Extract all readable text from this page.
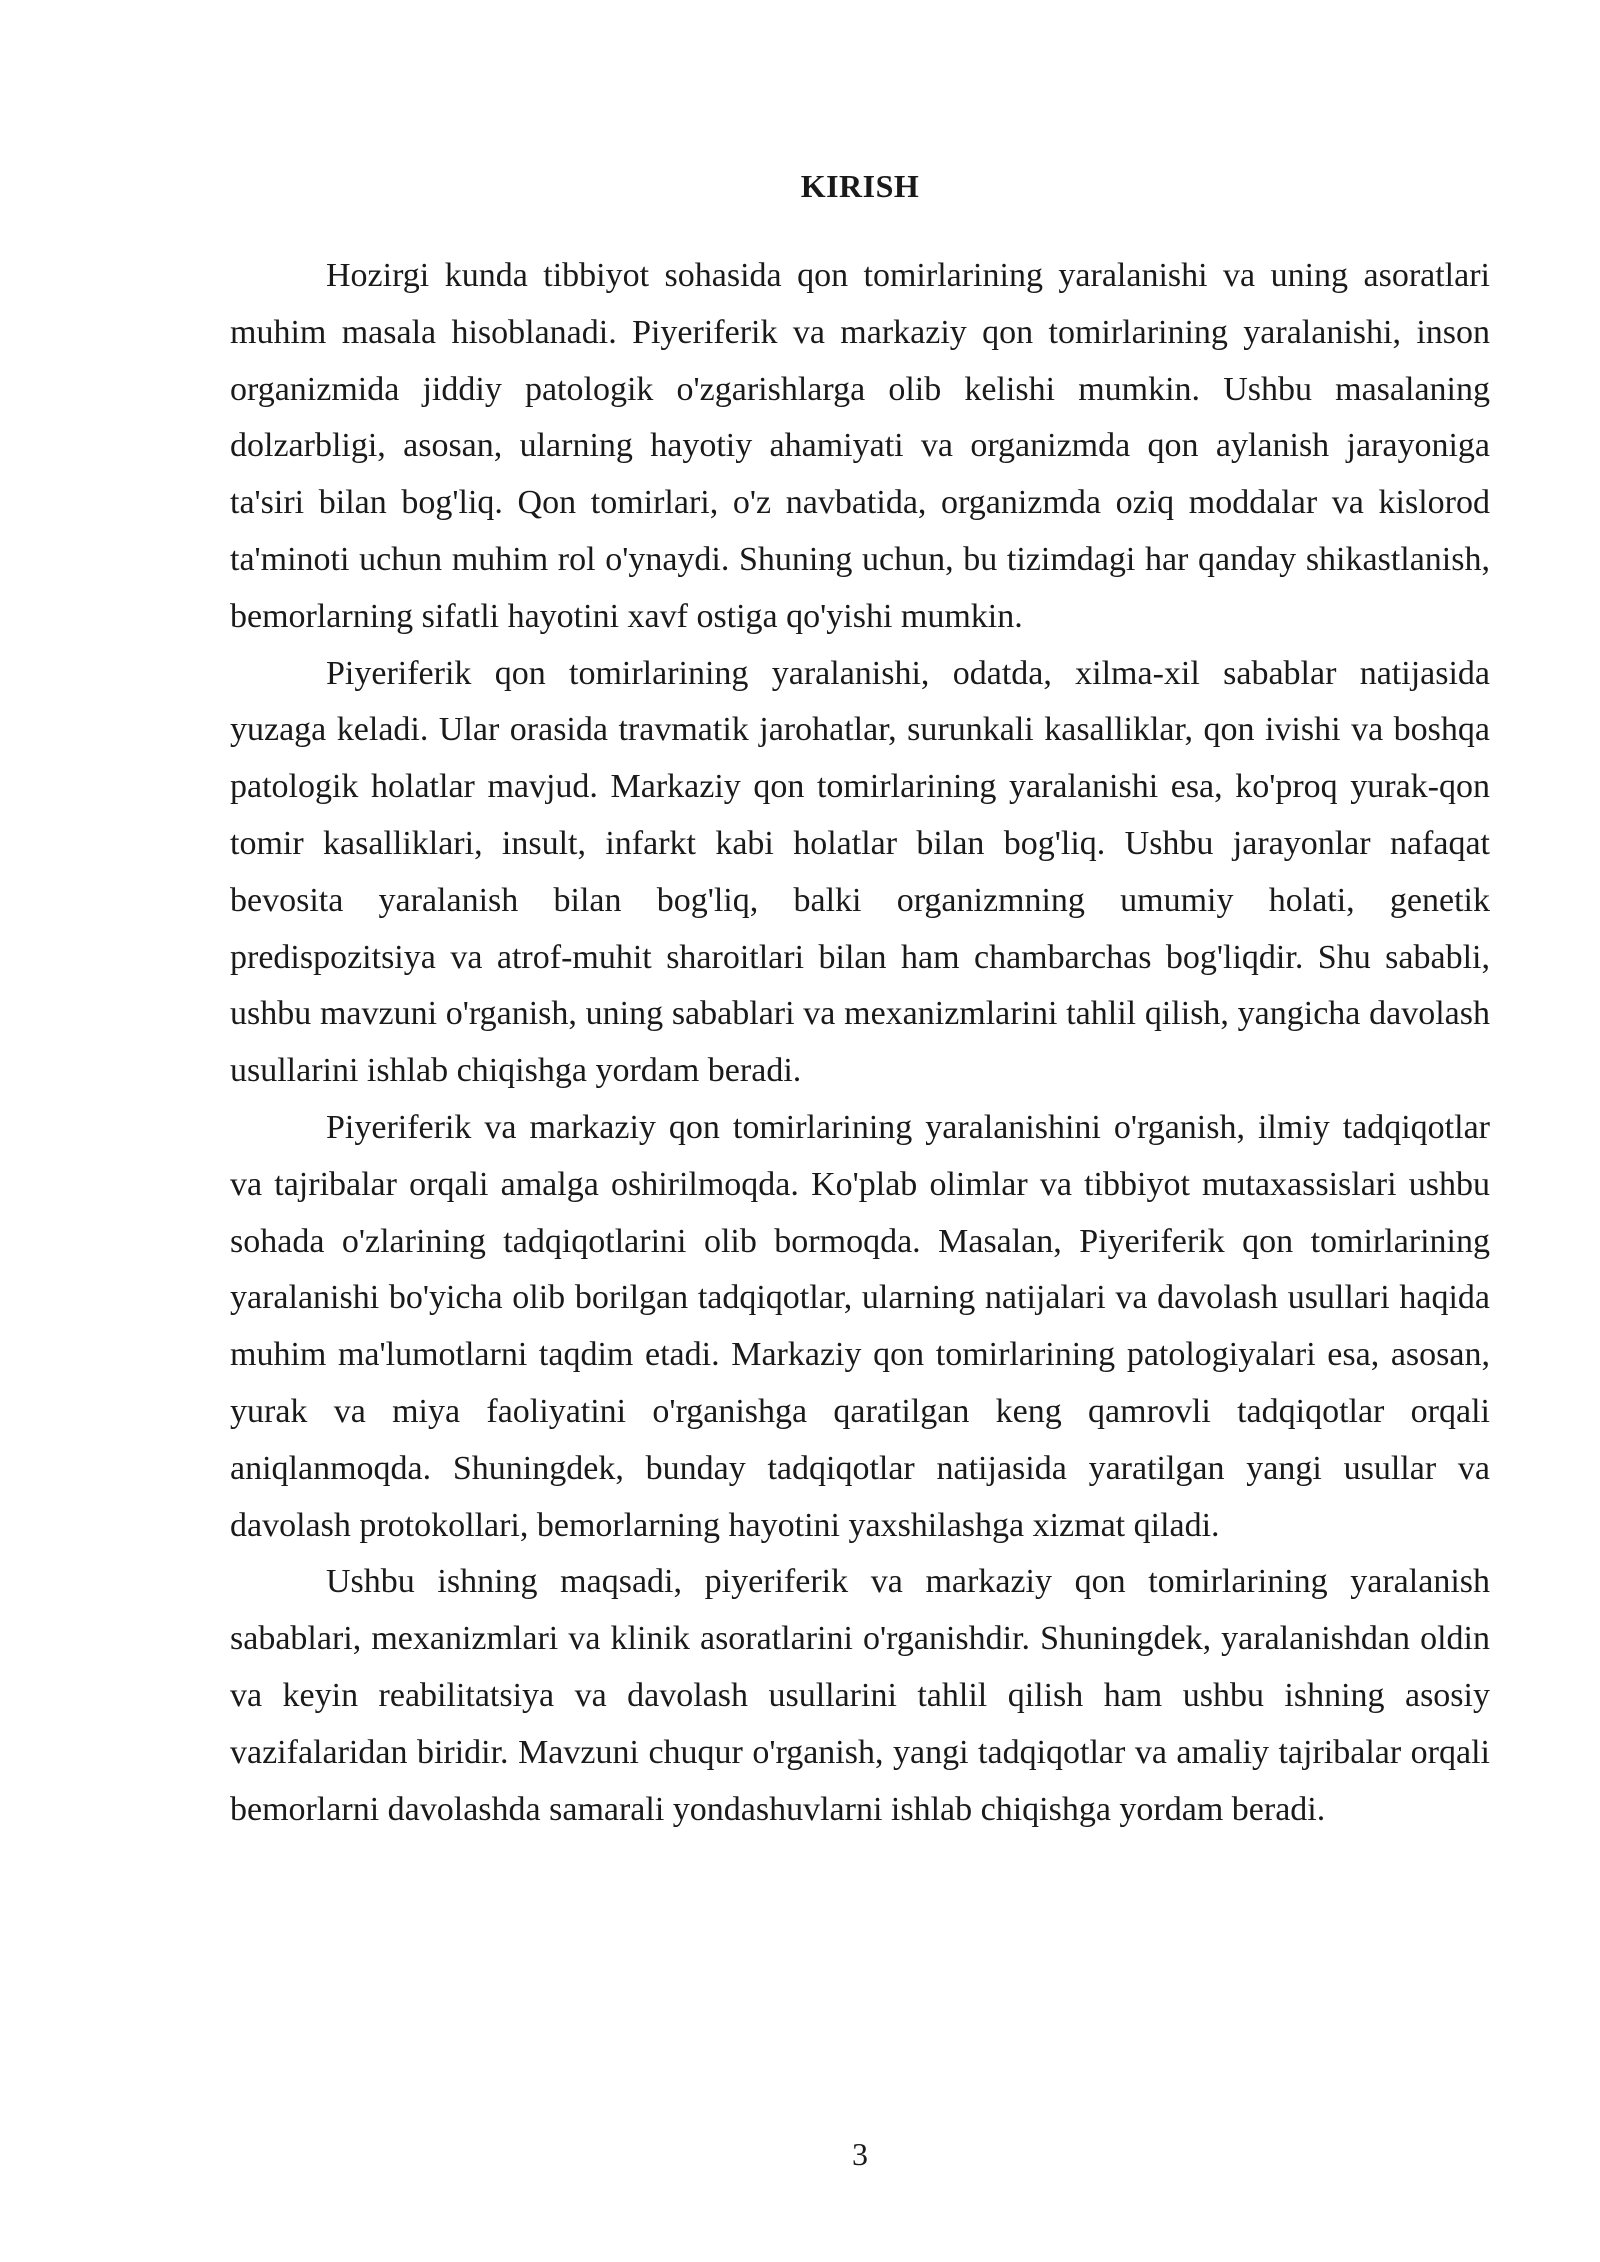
KIRISH

Hozirgi kunda tibbiyot sohasida qon tomirlarining yaralanishi va uning asoratlari muhim masala hisoblanadi. Piyeriferik va markaziy qon tomirlarining yaralanishi, inson organizmida jiddiy patologik o'zgarishlarga olib kelishi mumkin. Ushbu masalaning dolzarbligi, asosan, ularning hayotiy ahamiyati va organizmda qon aylanish jarayoniga ta'siri bilan bog'liq. Qon tomirlari, o'z navbatida, organizmda oziq moddalar va kislorod ta'minoti uchun muhim rol o'ynaydi. Shuning uchun, bu tizimdagi har qanday shikastlanish, bemorlarning sifatli hayotini xavf ostiga qo'yishi mumkin.

Piyeriferik qon tomirlarining yaralanishi, odatda, xilma-xil sabablar natijasida yuzaga keladi. Ular orasida travmatik jarohatlar, surunkali kasalliklar, qon ivishi va boshqa patologik holatlar mavjud. Markaziy qon tomirlarining yaralanishi esa, ko'proq yurak-qon tomir kasalliklari, insult, infarkt kabi holatlar bilan bog'liq. Ushbu jarayonlar nafaqat bevosita yaralanish bilan bog'liq, balki organizmning umumiy holati, genetik predispozitsiya va atrof-muhit sharoitlari bilan ham chambarchas bog'liqdir. Shu sababli, ushbu mavzuni o'rganish, uning sabablari va mexanizmlarini tahlil qilish, yangicha davolash usullarini ishlab chiqishga yordam beradi.

Piyeriferik va markaziy qon tomirlarining yaralanishini o'rganish, ilmiy tadqiqotlar va tajribalar orqali amalga oshirilmoqda. Ko'plab olimlar va tibbiyot mutaxassislari ushbu sohada o'zlarining tadqiqotlarini olib bormoqda. Masalan, Piyeriferik qon tomirlarining yaralanishi bo'yicha olib borilgan tadqiqotlar, ularning natijalari va davolash usullari haqida muhim ma'lumotlarni taqdim etadi. Markaziy qon tomirlarining patologiyalari esa, asosan, yurak va miya faoliyatini o'rganishga qaratilgan keng qamrovli tadqiqotlar orqali aniqlanmoqda. Shuningdek, bunday tadqiqotlar natijasida yaratilgan yangi usullar va davolash protokollari, bemorlarning hayotini yaxshilashga xizmat qiladi.

Ushbu ishning maqsadi, piyeriferik va markaziy qon tomirlarining yaralanish sabablari, mexanizmlari va klinik asoratlarini o'rganishdir. Shuningdek, yaralanishdan oldin va keyin reabilitatsiya va davolash usullarini tahlil qilish ham ushbu ishning asosiy vazifalaridan biridir. Mavzuni chuqur o'rganish, yangi tadqiqotlar va amaliy tajribalar orqali bemorlarni davolashda samarali yondashuvlarni ishlab chiqishga yordam beradi.

3
